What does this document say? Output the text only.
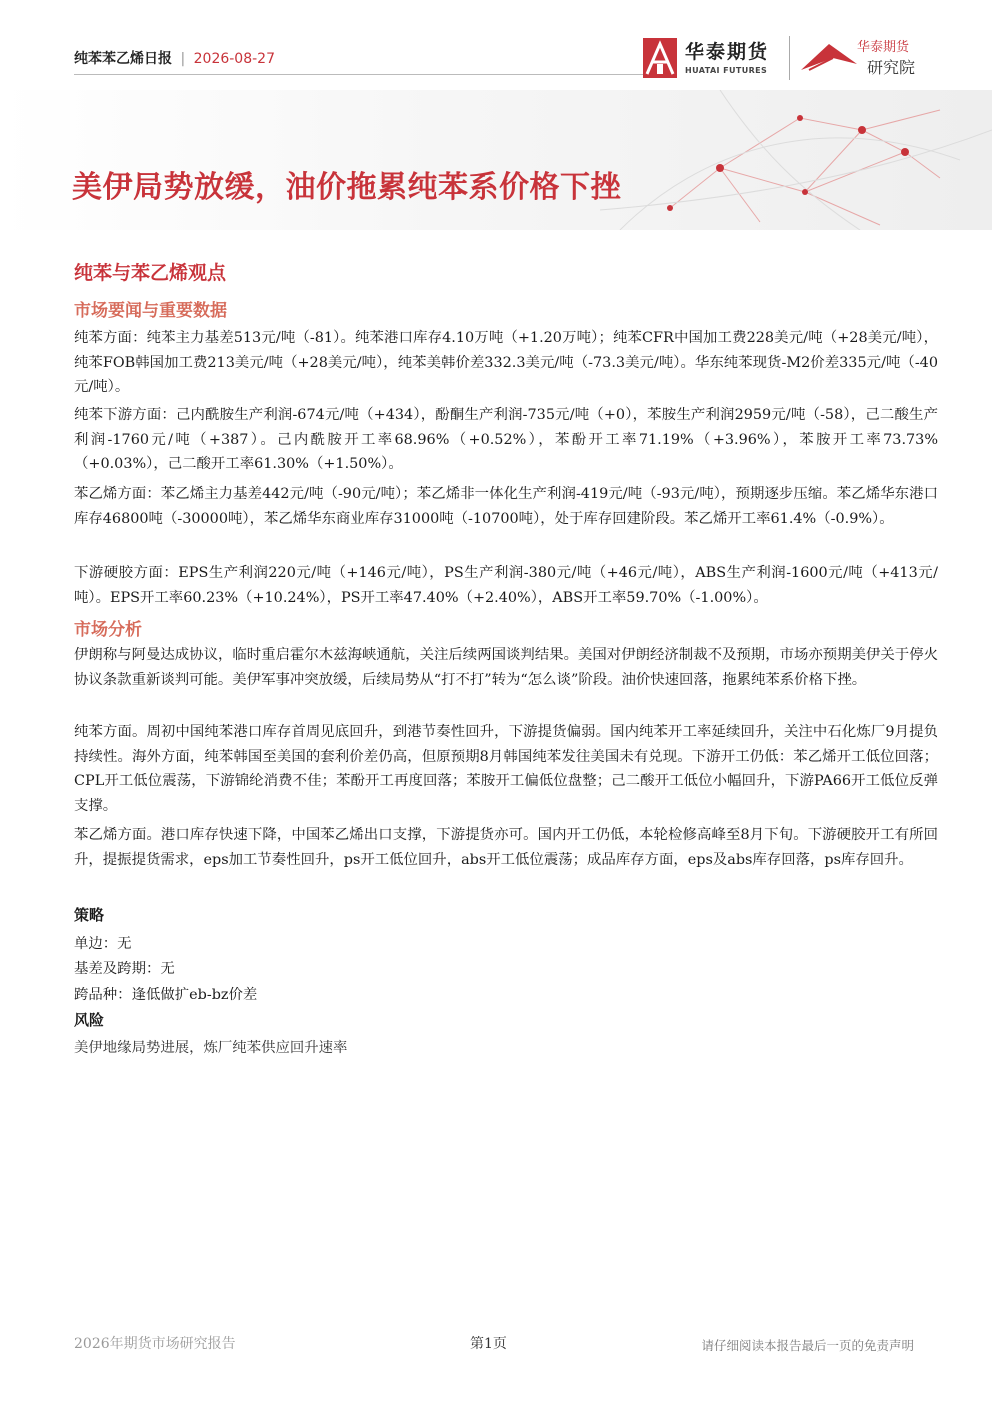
纯苯苯乙烯日报 | 2026-08-27	华泰期货
HUATAI FUTURES
华泰期货
研究院
美伊局势放缓，油价拖累纯苯系价格下挫
纯苯与苯乙烯观点
市场要闻与重要数据
纯苯方面：纯苯主力基差513元/吨（-81）。纯苯港口库存4.10万吨（+1.20万吨）；纯苯CFR中国加工费228美元/吨（+28美元/吨），纯苯FOB韩国加工费213美元/吨（+28美元/吨），纯苯美韩价差332.3美元/吨（-73.3美元/吨）。华东纯苯现货-M2价差335元/吨（-40元/吨）。
纯苯下游方面：己内酰胺生产利润-674元/吨（+434），酚酮生产利润-735元/吨（+0），苯胺生产利润2959元/吨（-58），己二酸生产利润-1760元/吨（+387）。己内酰胺开工率68.96%（+0.52%），苯酚开工率71.19%（+3.96%），苯胺开工率73.73%（+0.03%），己二酸开工率61.30%（+1.50%）。
苯乙烯方面：苯乙烯主力基差442元/吨（-90元/吨）；苯乙烯非一体化生产利润-419元/吨（-93元/吨），预期逐步压缩。苯乙烯华东港口库存46800吨（-30000吨），苯乙烯华东商业库存31000吨（-10700吨），处于库存回建阶段。苯乙烯开工率61.4%（-0.9%）。
下游硬胶方面：EPS生产利润220元/吨（+146元/吨），PS生产利润-380元/吨（+46元/吨），ABS生产利润-1600元/吨（+413元/吨）。EPS开工率60.23%（+10.24%），PS开工率47.40%（+2.40%），ABS开工率59.70%（-1.00%）。
市场分析
伊朗称与阿曼达成协议，临时重启霍尔木兹海峡通航，关注后续两国谈判结果。美国对伊朗经济制裁不及预期，市场亦预期美伊关于停火协议条款重新谈判可能。美伊军事冲突放缓，后续局势从“打不打”转为“怎么谈”阶段。油价快速回落，拖累纯苯系价格下挫。
纯苯方面。周初中国纯苯港口库存首周见底回升，到港节奏性回升，下游提货偏弱。国内纯苯开工率延续回升，关注中石化炼厂9月提负持续性。海外方面，纯苯韩国至美国的套利价差仍高，但原预期8月韩国纯苯发往美国未有兑现。下游开工仍低：苯乙烯开工低位回落；CPL开工低位震荡，下游锦纶消费不佳；苯酚开工再度回落；苯胺开工偏低位盘整；己二酸开工低位小幅回升，下游PA66开工低位反弹支撑。
苯乙烯方面。港口库存快速下降，中国苯乙烯出口支撑，下游提货亦可。国内开工仍低，本轮检修高峰至8月下旬。下游硬胶开工有所回升，提振提货需求，eps加工节奏性回升，ps开工低位回升，abs开工低位震荡；成品库存方面，eps及abs库存回落，ps库存回升。
策略
单边：无
基差及跨期：无
跨品种：逢低做扩eb-bz价差
风险
美伊地缘局势进展，炼厂纯苯供应回升速率
2026年期货市场研究报告	第1页	请仔细阅读本报告最后一页的免责声明
